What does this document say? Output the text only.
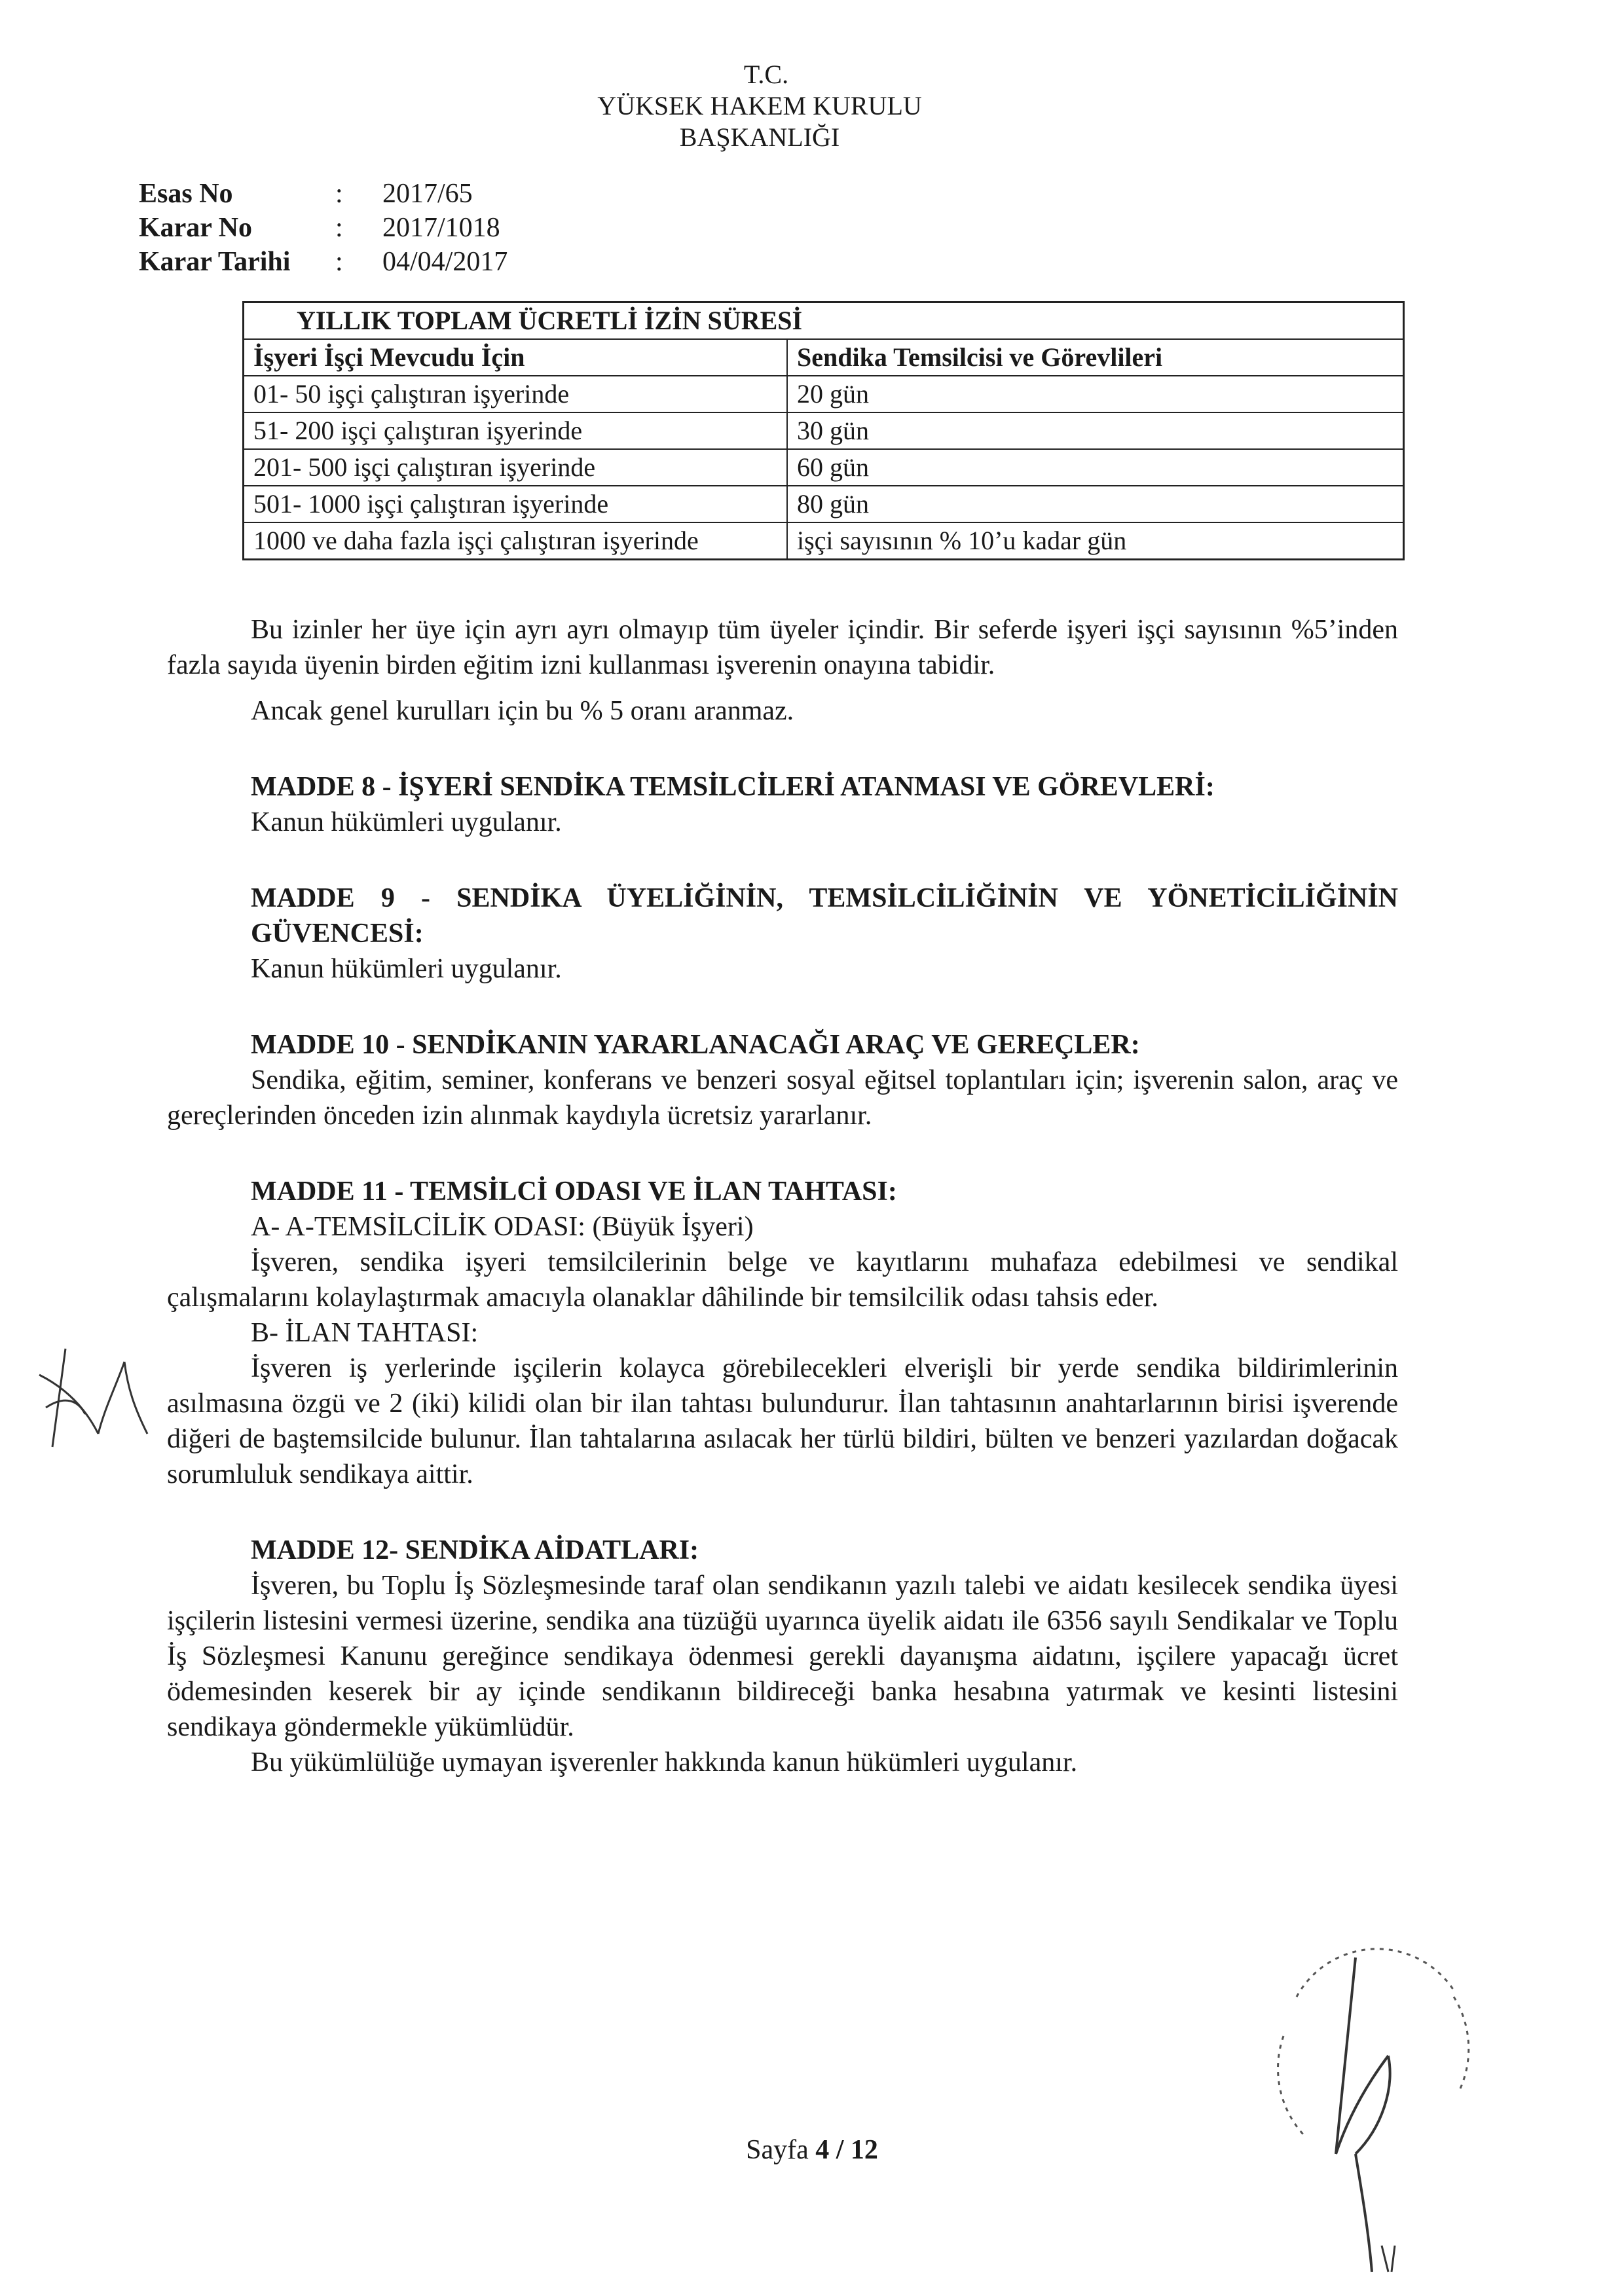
T.C.
YÜKSEK HAKEM KURULU
BAŞKANLIĞI
Esas No	:	2017/65
Karar No	:	2017/1018
Karar Tarihi	:	04/04/2017
YILLIK TOPLAM ÜCRETLİ İZİN SÜRESİ	
İşyeri İşçi Mevcudu İçin	Sendika Temsilcisi ve Görevlileri
01- 50 işçi çalıştıran işyerinde	20 gün
51- 200 işçi çalıştıran işyerinde	30 gün
201- 500 işçi çalıştıran işyerinde	60 gün
501- 1000 işçi çalıştıran işyerinde	80 gün
1000 ve daha fazla işçi çalıştıran işyerinde	işçi sayısının % 10’u kadar gün

Bu izinler her üye için ayrı ayrı olmayıp tüm üyeler içindir. Bir seferde işyeri işçi sayısının %5’inden fazla sayıda üyenin birden eğitim izni kullanması işverenin onayına tabidir.

Ancak genel kurulları için bu % 5 oranı aranmaz.

MADDE 8 - İŞYERİ SENDİKA TEMSİLCİLERİ ATANMASI VE GÖREVLERİ:

Kanun hükümleri uygulanır.

MADDE 9 - SENDİKA ÜYELİĞİNİN, TEMSİLCİLİĞİNİN VE YÖNETİCİLİĞİNİN GÜVENCESİ:

Kanun hükümleri uygulanır.

MADDE 10 - SENDİKANIN YARARLANACAĞI ARAÇ VE GEREÇLER:

Sendika, eğitim, seminer, konferans ve benzeri sosyal eğitsel toplantıları için; işverenin salon, araç ve gereçlerinden önceden izin alınmak kaydıyla ücretsiz yararlanır.

MADDE 11 - TEMSİLCİ ODASI VE İLAN TAHTASI:

A- A-TEMSİLCİLİK ODASI: (Büyük İşyeri)

İşveren, sendika işyeri temsilcilerinin belge ve kayıtlarını muhafaza edebilmesi ve sendikal çalışmalarını kolaylaştırmak amacıyla olanaklar dâhilinde bir temsilcilik odası tahsis eder.

B- İLAN TAHTASI:

İşveren iş yerlerinde işçilerin kolayca görebilecekleri elverişli bir yerde sendika bildirimlerinin asılmasına özgü ve 2 (iki) kilidi olan bir ilan tahtası bulundurur. İlan tahtasının anahtarlarının birisi işverende diğeri de baştemsilcide bulunur. İlan tahtalarına asılacak her türlü bildiri, bülten ve benzeri yazılardan doğacak sorumluluk sendikaya aittir.

MADDE 12- SENDİKA AİDATLARI:

İşveren, bu Toplu İş Sözleşmesinde taraf olan sendikanın yazılı talebi ve aidatı kesilecek sendika üyesi işçilerin listesini vermesi üzerine, sendika ana tüzüğü uyarınca üyelik aidatı ile 6356 sayılı Sendikalar ve Toplu İş Sözleşmesi Kanunu gereğince sendikaya ödenmesi gerekli dayanışma aidatını, işçilere yapacağı ücret ödemesinden keserek bir ay içinde sendikanın bildireceği banka hesabına yatırmak ve kesinti listesini sendikaya göndermekle yükümlüdür.

Bu yükümlülüğe uymayan işverenler hakkında kanun hükümleri uygulanır.

Sayfa 4 / 12
